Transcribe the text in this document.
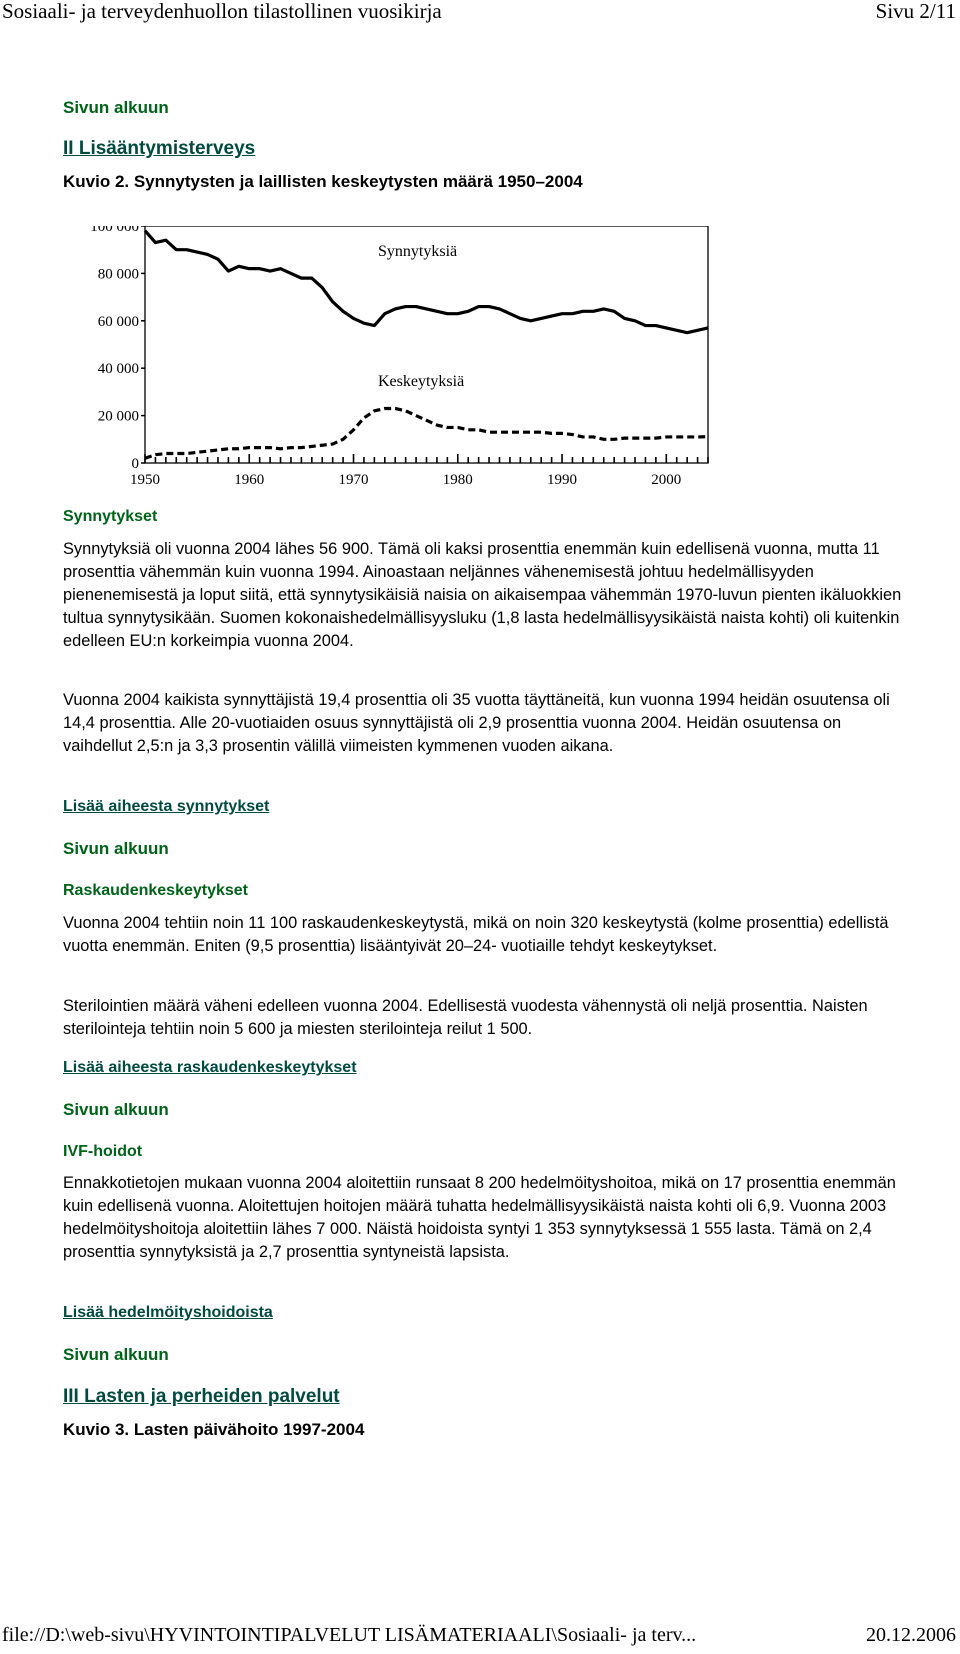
Sosiaali- ja terveydenhuollon tilastollinen vuosikirja	Sivu 2/11
Sivun alkuun
II Lisääntymisterveys
Kuvio 2. Synnytysten ja laillisten keskeytysten määrä 1950–2004
0
20 000
40 000
60 000
80 000
100 000
1950	1960	1970	1980	1990	2000
Synnytyksiä
Keskeytyksiä
Synnytykset

Synnytyksiä oli vuonna 2004 lähes 56 900. Tämä oli kaksi prosenttia enemmän kuin edellisenä vuonna, mutta 11 prosenttia vähemmän kuin vuonna 1994. Ainoastaan neljännes vähenemisestä johtuu hedelmällisyyden pienenemisestä ja loput siitä, että synnytysikäisiä naisia on aikaisempaa vähemmän 1970-luvun pienten ikäluokkien tultua synnytysikään. Suomen kokonaishedelmällisyysluku (1,8 lasta hedelmällisyysikäistä naista kohti) oli kuitenkin edelleen EU:n korkeimpia vuonna 2004.

Vuonna 2004 kaikista synnyttäjistä 19,4 prosenttia oli 35 vuotta täyttäneitä, kun vuonna 1994 heidän osuutensa oli 14,4 prosenttia. Alle 20-vuotiaiden osuus synnyttäjistä oli 2,9 prosenttia vuonna 2004. Heidän osuutensa on vaihdellut 2,5:n ja 3,3 prosentin välillä viimeisten kymmenen vuoden aikana.

Lisää aiheesta synnytykset
Sivun alkuun
Raskaudenkeskeytykset

Vuonna 2004 tehtiin noin 11 100 raskaudenkeskeytystä, mikä on noin 320 keskeytystä (kolme prosenttia) edellistä vuotta enemmän. Eniten (9,5 prosenttia) lisääntyivät 20–24- vuotiaille tehdyt keskeytykset.

Sterilointien määrä väheni edelleen vuonna 2004. Edellisestä vuodesta vähennystä oli neljä prosenttia. Naisten sterilointeja tehtiin noin 5 600 ja miesten sterilointeja reilut 1 500.

Lisää aiheesta raskaudenkeskeytykset
Sivun alkuun
IVF-hoidot

Ennakkotietojen mukaan vuonna 2004 aloitettiin runsaat 8 200 hedelmöityshoitoa, mikä on 17 prosenttia enemmän kuin edellisenä vuonna. Aloitettujen hoitojen määrä tuhatta hedelmällisyysikäistä naista kohti oli 6,9. Vuonna 2003 hedelmöityshoitoja aloitettiin lähes 7 000. Näistä hoidoista syntyi 1 353 synnytyksessä 1 555 lasta. Tämä on 2,4 prosenttia synnytyksistä ja 2,7 prosenttia syntyneistä lapsista.

Lisää hedelmöityshoidoista
Sivun alkuun
III Lasten ja perheiden palvelut
Kuvio 3. Lasten päivähoito 1997-2004
file://D:\web-sivu\HYVINTOINTIPALVELUT LISÄMATERIAALI\Sosiaali- ja terv...	20.12.2006
